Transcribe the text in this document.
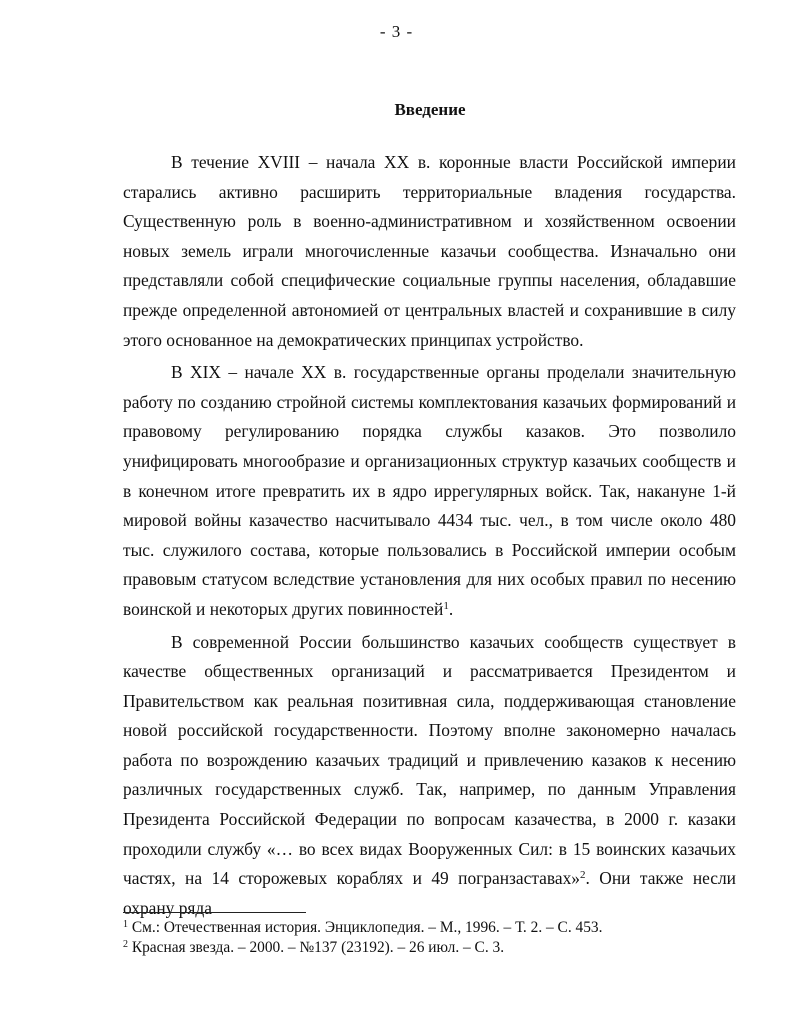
- 3 -
Введение

В течение XVIII – начала XX в. коронные власти Российской империи старались активно расширить территориальные владения государства. Существенную роль в военно-административном и хозяйственном освоении новых земель играли многочисленные казачьи сообщества. Изначально они представляли собой специфические социальные группы населения, обладавшие прежде определенной автономией от центральных властей и сохранившие в силу этого основанное на демократических принципах устройство.

В XIX – начале XX в. государственные органы проделали значительную работу по созданию стройной системы комплектования казачьих формирований и правовому регулированию порядка службы казаков. Это позволило унифицировать многообразие и организационных структур казачьих сообществ и в конечном итоге превратить их в ядро иррегулярных войск. Так, накануне 1-й мировой войны казачество насчитывало 4434 тыс. чел., в том числе около 480 тыс. служилого состава, которые пользовались в Российской империи особым правовым статусом вследствие установления для них особых правил по несению воинской и некоторых других повинностей$^1$.

В современной России большинство казачьих сообществ существует в качестве общественных организаций и рассматривается Президентом и Правительством как реальная позитивная сила, поддерживающая становление новой российской государственности. Поэтому вполне закономерно началась работа по возрождению казачьих традиций и привлечению казаков к несению различных государственных служб. Так, например, по данным Управления Президента Российской Федерации по вопросам казачества, в 2000 г. казаки проходили службу «… во всех видах Вооруженных Сил: в 15 воинских казачьих частях, на 14 сторожевых кораблях и 49 погранзаставах»$^2$. Они также несли охрану ряда

$^1$ См.: Отечественная история. Энциклопедия. – М., 1996. – Т. 2. – С. 453.
$^2$ Красная звезда. – 2000. – №137 (23192). – 26 июл. – С. 3.
